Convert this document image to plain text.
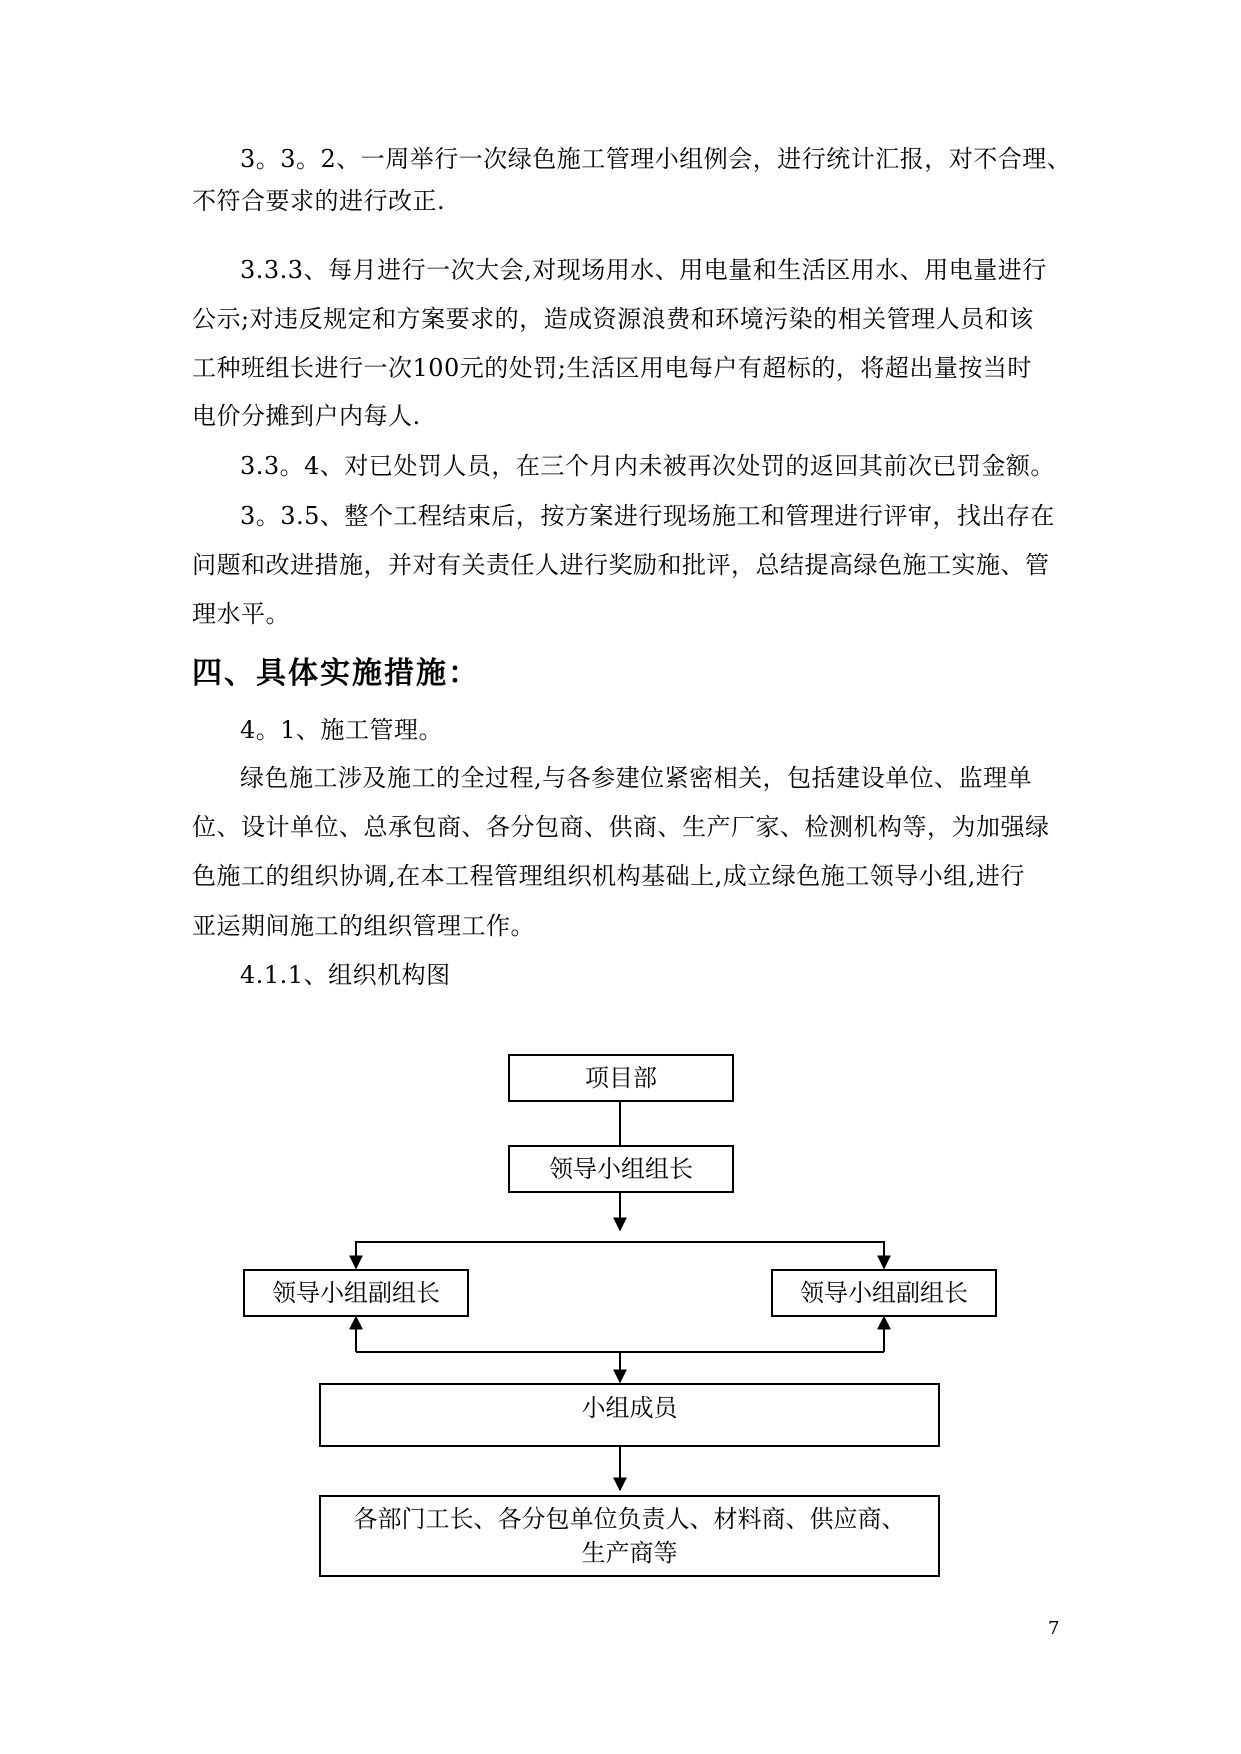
3。3。2、一周举行一次绿色施工管理小组例会，进行统计汇报，对不合理、
不符合要求的进行改正.
3.3.3、每月进行一次大会,对现场用水、用电量和生活区用水、用电量进行
公示;对违反规定和方案要求的，造成资源浪费和环境污染的相关管理人员和该
工种班组长进行一次100元的处罚;生活区用电每户有超标的，将超出量按当时
电价分摊到户内每人.
3.3。4、对已处罚人员，在三个月内未被再次处罚的返回其前次已罚金额。
3。3.5、整个工程结束后，按方案进行现场施工和管理进行评审，找出存在
问题和改进措施，并对有关责任人进行奖励和批评，总结提高绿色施工实施、管
理水平。
四、具体实施措施：
4。1、施工管理。
绿色施工涉及施工的全过程,与各参建位紧密相关，包括建设单位、监理单
位、设计单位、总承包商、各分包商、供商、生产厂家、检测机构等，为加强绿
色施工的组织协调,在本工程管理组织机构基础上,成立绿色施工领导小组,进行
亚运期间施工的组织管理工作。
4.1.1、组织机构图
项目部
领导小组组长
领导小组副组长	领导小组副组长
小组成员
各部门工长、各分包单位负责人、材料商、供应商、
生产商等
7
